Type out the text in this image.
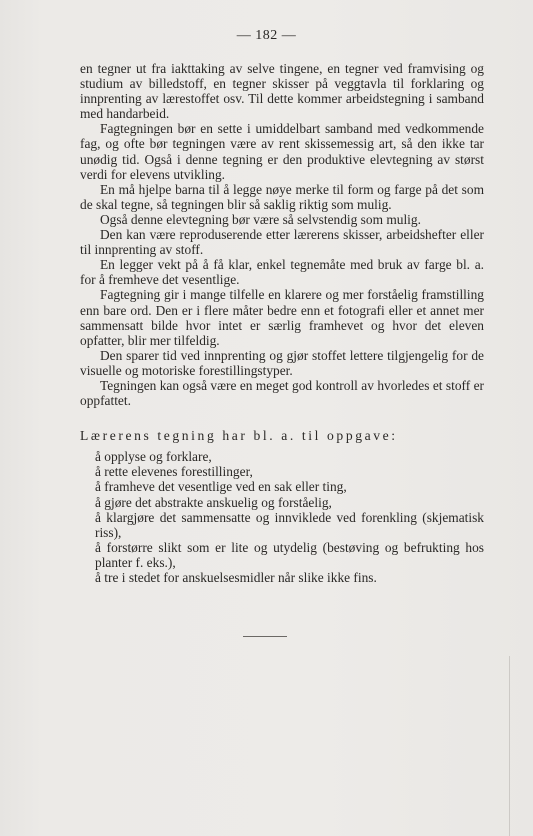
— 182 —

en tegner ut fra iakttaking av selve tingene, en tegner ved framvising og studium av billedstoff, en tegner skisser på veggtavla til forklaring og innprenting av lærestoffet osv. Til dette kommer arbeidstegning i samband med handarbeid.

Fagtegningen bør en sette i umiddelbart samband med vedkommende fag, og ofte bør tegningen være av rent skissemessig art, så den ikke tar unødig tid. Også i denne tegning er den produktive elevtegning av størst verdi for elevens utvikling.

En må hjelpe barna til å legge nøye merke til form og farge på det som de skal tegne, så tegningen blir så saklig riktig som mulig.

Også denne elevtegning bør være så selvstendig som mulig.

Den kan være reproduserende etter lærerens skisser, arbeidshefter eller til innprenting av stoff.

En legger vekt på å få klar, enkel tegnemåte med bruk av farge bl. a. for å fremheve det vesentlige.

Fagtegning gir i mange tilfelle en klarere og mer forståelig framstilling enn bare ord. Den er i flere måter bedre enn et fotografi eller et annet mer sammensatt bilde hvor intet er særlig framhevet og hvor det eleven opfatter, blir mer tilfeldig.

Den sparer tid ved innprenting og gjør stoffet lettere tilgjengelig for de visuelle og motoriske forestillingstyper.

Tegningen kan også være en meget god kontroll av hvorledes et stoff er oppfattet.

Lærerens tegning har bl. a. til oppgave:

å opplyse og forklare,
å rette elevenes forestillinger,
å framheve det vesentlige ved en sak eller ting,
å gjøre det abstrakte anskuelig og forståelig,
å klargjøre det sammensatte og innviklede ved forenkling (skjematisk riss),
å forstørre slikt som er lite og utydelig (bestøving og befrukting hos planter f. eks.),
å tre i stedet for anskuelsesmidler når slike ikke fins.
